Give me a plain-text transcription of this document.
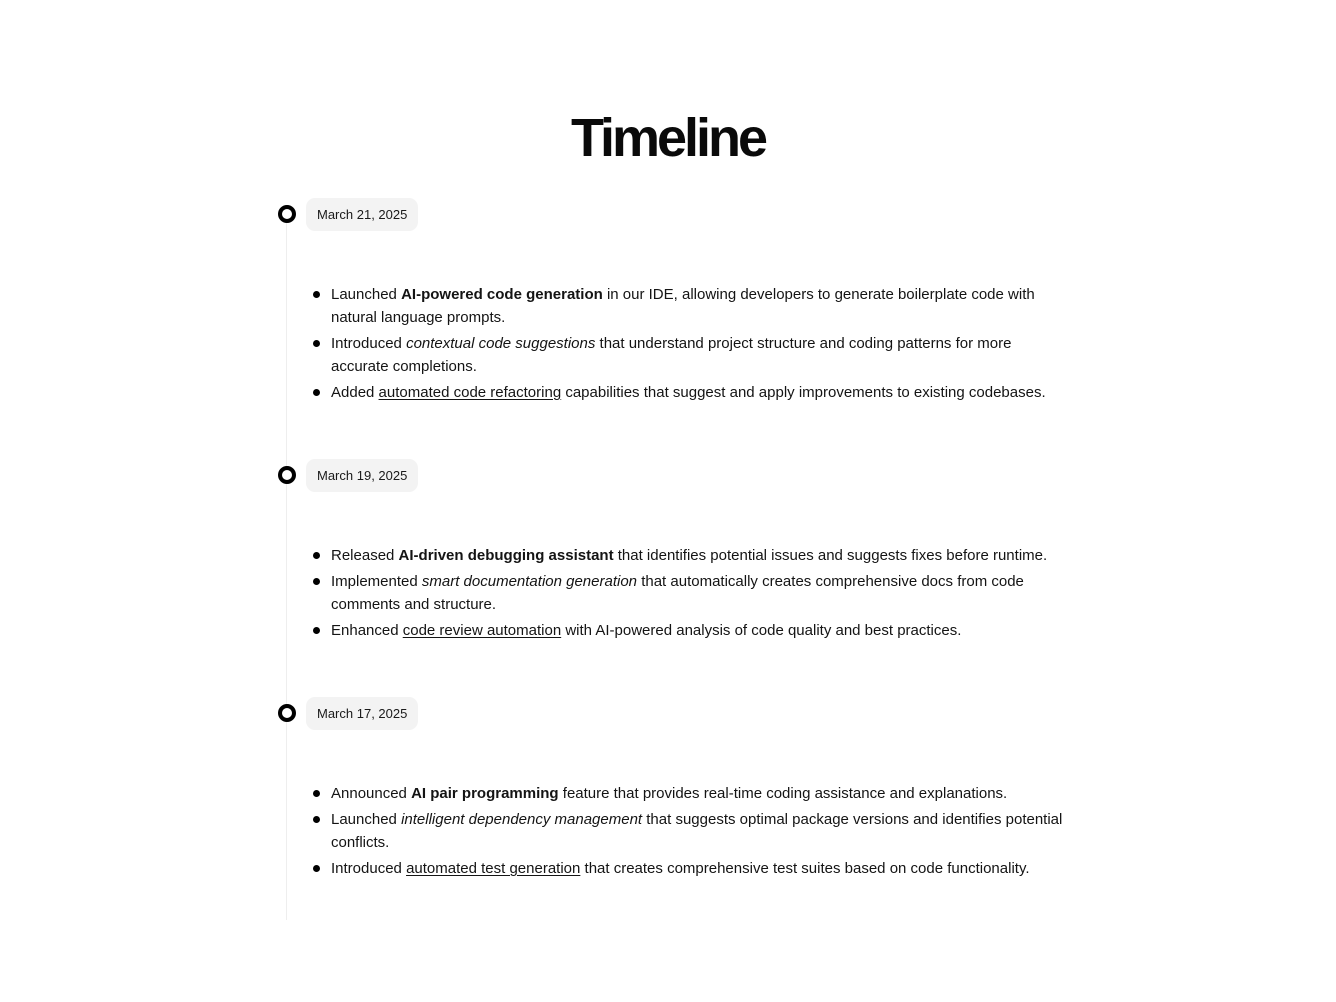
Timeline
March 21, 2025
Launched AI-powered code generation in our IDE, allowing developers to generate boilerplate code with natural language prompts.
Introduced contextual code suggestions that understand project structure and coding patterns for more accurate completions.
Added automated code refactoring capabilities that suggest and apply improvements to existing codebases.
March 19, 2025
Released AI-driven debugging assistant that identifies potential issues and suggests fixes before runtime.
Implemented smart documentation generation that automatically creates comprehensive docs from code comments and structure.
Enhanced code review automation with AI-powered analysis of code quality and best practices.
March 17, 2025
Announced AI pair programming feature that provides real-time coding assistance and explanations.
Launched intelligent dependency management that suggests optimal package versions and identifies potential conflicts.
Introduced automated test generation that creates comprehensive test suites based on code functionality.
